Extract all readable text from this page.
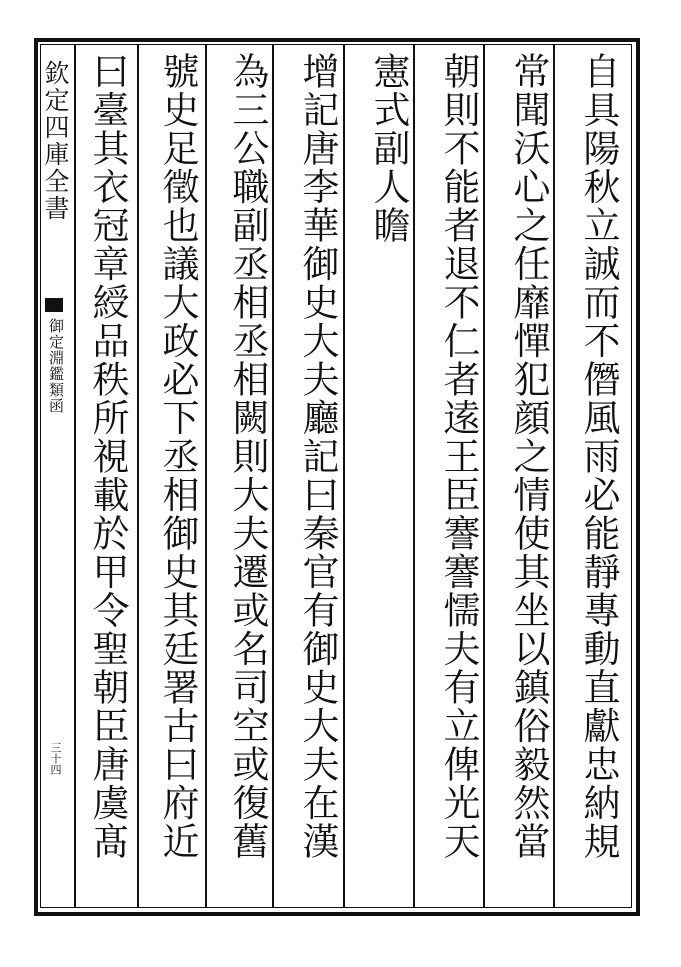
欽定四庫全書
御定淵鑑類函
三十四	自具陽秋立誠而不僭風雨必能靜專動直獻忠納規
常聞沃心之任靡憚犯顔之情使其坐以鎮俗毅然當
朝則不能者退不仁者逺王臣謇謇懦夫有立俾光天
憲式副人瞻
增記唐李華御史大夫廳記曰秦官有御史大夫在漢
為三公職副丞相丞相闕則大夫遷或名司空或復舊
號史足徵也議大政必下丞相御史其廷署古曰府近
曰臺其衣冠章綬品秩所視載於甲令聖朝臣唐虞髙
